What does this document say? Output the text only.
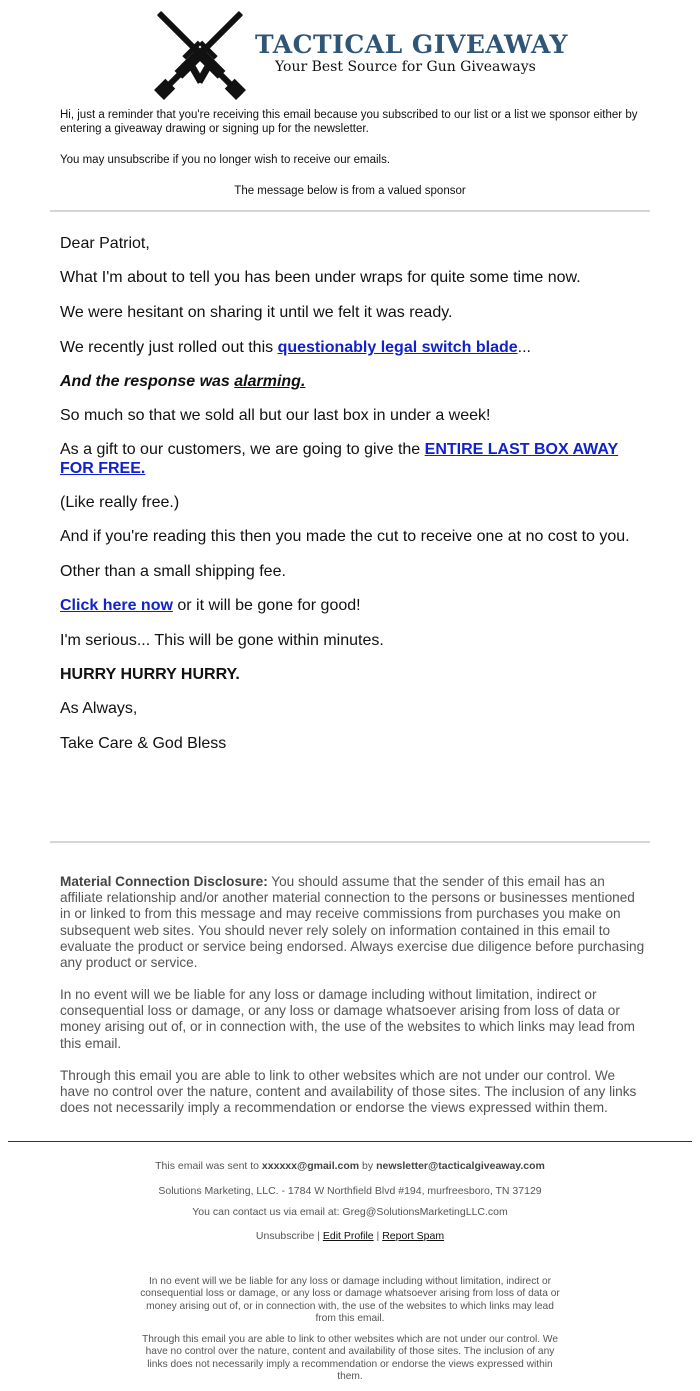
TACTICAL GIVEAWAY
Your Best Source for Gun Giveaways
Hi, just a reminder that you're receiving this email because you subscribed to our list or a list we sponsor either by entering a giveaway drawing or signing up for the newsletter.
You may unsubscribe if you no longer wish to receive our emails.
The message below is from a valued sponsor

Dear Patriot,

What I'm about to tell you has been under wraps for quite some time now.

We were hesitant on sharing it until we felt it was ready.

We recently just rolled out this questionably legal switch blade...

And the response was alarming.

So much so that we sold all but our last box in under a week!

As a gift to our customers, we are going to give the ENTIRE LAST BOX AWAY FOR FREE.

(Like really free.)

And if you're reading this then you made the cut to receive one at no cost to you.

Other than a small shipping fee.

Click here now or it will be gone for good!

I'm serious... This will be gone within minutes.

HURRY HURRY HURRY.

As Always,

Take Care & God Bless

Material Connection Disclosure: You should assume that the sender of this email has an affiliate relationship and/or another material connection to the persons or businesses mentioned in or linked to from this message and may receive commissions from purchases you make on subsequent web sites. You should never rely solely on information contained in this email to evaluate the product or service being endorsed. Always exercise due diligence before purchasing any product or service.

In no event will we be liable for any loss or damage including without limitation, indirect or consequential loss or damage, or any loss or damage whatsoever arising from loss of data or money arising out of, or in connection with, the use of the websites to which links may lead from this email.

Through this email you are able to link to other websites which are not under our control. We have no control over the nature, content and availability of those sites. The inclusion of any links does not necessarily imply a recommendation or endorse the views expressed within them.

This email was sent to xxxxxx@gmail.com by newsletter@tacticalgiveaway.com

Solutions Marketing, LLC. - 1784 W Northfield Blvd #194, murfreesboro, TN 37129

You can contact us via email at: Greg@SolutionsMarketingLLC.com

Unsubscribe | Edit Profile | Report Spam

In no event will we be liable for any loss or damage including without limitation, indirect or consequential loss or damage, or any loss or damage whatsoever arising from loss of data or money arising out of, or in connection with, the use of the websites to which links may lead from this email.

Through this email you are able to link to other websites which are not under our control. We have no control over the nature, content and availability of those sites. The inclusion of any links does not necessarily imply a recommendation or endorse the views expressed within them.
